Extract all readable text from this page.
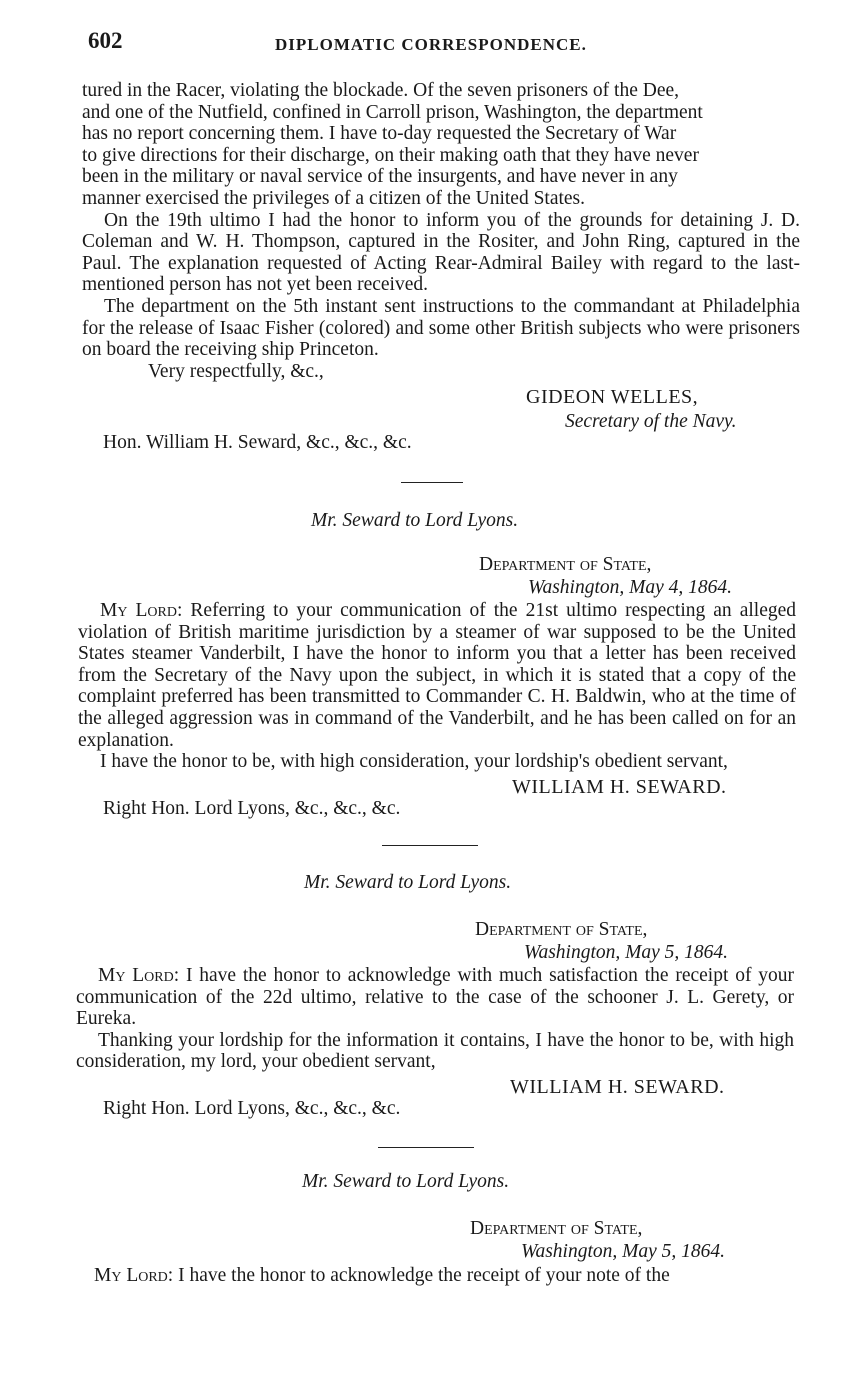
602	DIPLOMATIC CORRESPONDENCE.
tured in the Racer, violating the blockade. Of the seven prisoners of the Dee,
and one of the Nutfield, confined in Carroll prison, Washington, the department
has no report concerning them. I have to-day requested the Secretary of War
to give directions for their discharge, on their making oath that they have never
been in the military or naval service of the insurgents, and have never in any
manner exercised the privileges of a citizen of the United States.

On the 19th ultimo I had the honor to inform you of the grounds for detaining J. D. Coleman and W. H. Thompson, captured in the Rositer, and John Ring, captured in the Paul. The explanation requested of Acting Rear-Admiral Bailey with regard to the last-mentioned person has not yet been received.

The department on the 5th instant sent instructions to the commandant at Philadelphia for the release of Isaac Fisher (colored) and some other British subjects who were prisoners on board the receiving ship Princeton.

Very respectfully, &c.,
GIDEON WELLES,
Secretary of the Navy.
Hon. William H. Seward, &c., &c., &c.
Mr. Seward to Lord Lyons.
Department of State,
Washington, May 4, 1864.

My Lord: Referring to your communication of the 21st ultimo respecting an alleged violation of British maritime jurisdiction by a steamer of war supposed to be the United States steamer Vanderbilt, I have the honor to inform you that a letter has been received from the Secretary of the Navy upon the subject, in which it is stated that a copy of the complaint preferred has been transmitted to Commander C. H. Baldwin, who at the time of the alleged aggression was in command of the Vanderbilt, and he has been called on for an explanation.

I have the honor to be, with high consideration, your lordship's obedient servant,

WILLIAM H. SEWARD.
Right Hon. Lord Lyons, &c., &c., &c.
Mr. Seward to Lord Lyons.
Department of State,
Washington, May 5, 1864.

My Lord: I have the honor to acknowledge with much satisfaction the receipt of your communication of the 22d ultimo, relative to the case of the schooner J. L. Gerety, or Eureka.

Thanking your lordship for the information it contains, I have the honor to be, with high consideration, my lord, your obedient servant,

WILLIAM H. SEWARD.
Right Hon. Lord Lyons, &c., &c., &c.
Mr. Seward to Lord Lyons.
Department of State,
Washington, May 5, 1864.

My Lord: I have the honor to acknowledge the receipt of your note of the
